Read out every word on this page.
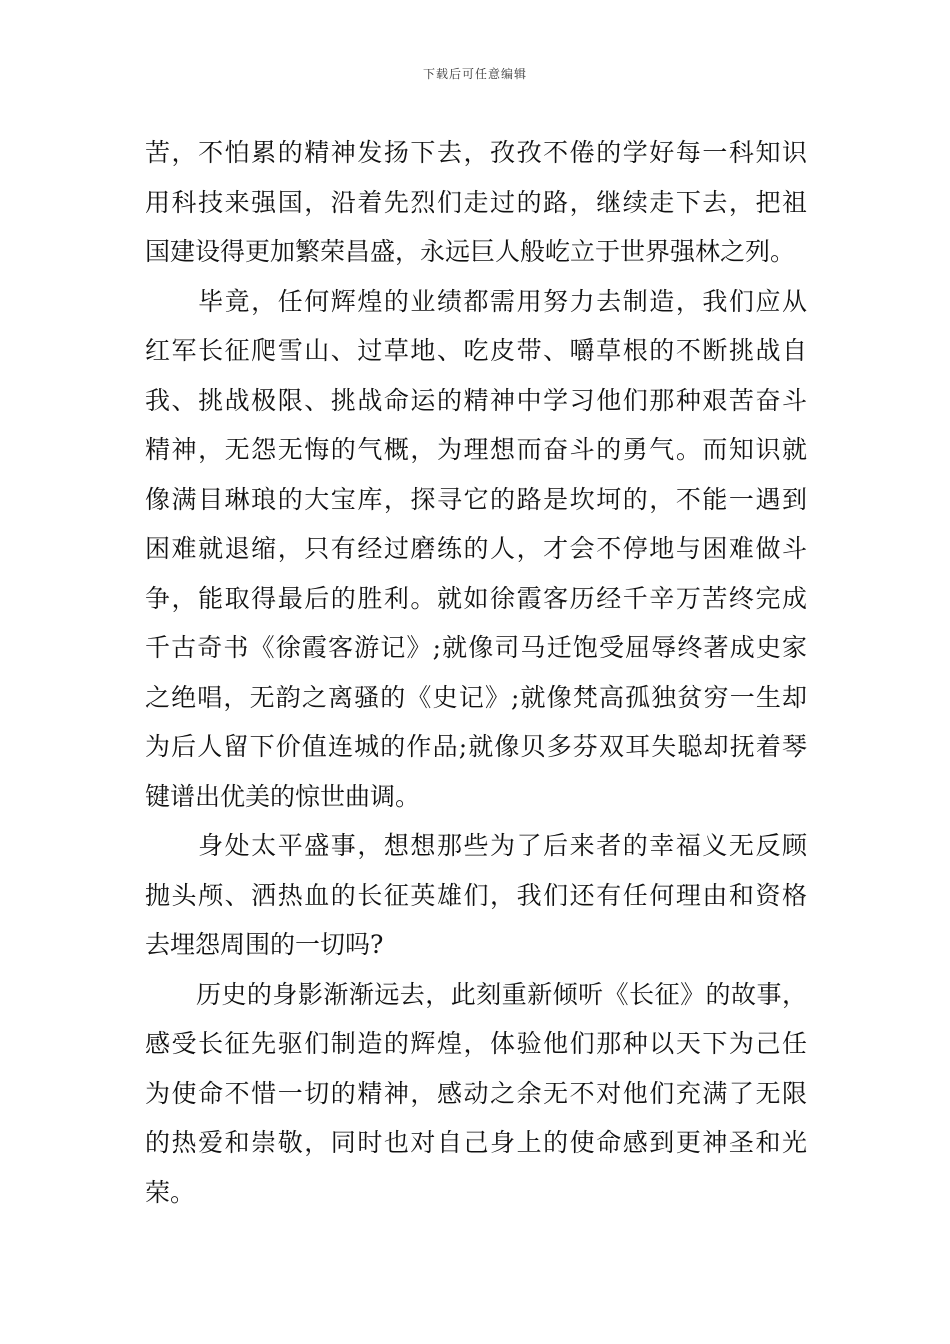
下载后可任意编辑
苦，不怕累的精神发扬下去，孜孜不倦的学好每一科知识
用科技来强国，沿着先烈们走过的路，继续走下去，把祖
国建设得更加繁荣昌盛，永远巨人般屹立于世界强林之列。
　　毕竟，任何辉煌的业绩都需用努力去制造，我们应从
红军长征爬雪山、过草地、吃皮带、嚼草根的不断挑战自
我、挑战极限、挑战命运的精神中学习他们那种艰苦奋斗
精神，无怨无悔的气概，为理想而奋斗的勇气。而知识就
像满目琳琅的大宝库，探寻它的路是坎坷的，不能一遇到
困难就退缩，只有经过磨练的人，才会不停地与困难做斗
争，能取得最后的胜利。就如徐霞客历经千辛万苦终完成
千古奇书《徐霞客游记》;就像司马迁饱受屈辱终著成史家
之绝唱，无韵之离骚的《史记》;就像梵高孤独贫穷一生却
为后人留下价值连城的作品;就像贝多芬双耳失聪却抚着琴
键谱出优美的惊世曲调。
　　身处太平盛事，想想那些为了后来者的幸福义无反顾
抛头颅、洒热血的长征英雄们，我们还有任何理由和资格
去埋怨周围的一切吗?
　　历史的身影渐渐远去，此刻重新倾听《长征》的故事，
感受长征先驱们制造的辉煌，体验他们那种以天下为己任
为使命不惜一切的精神，感动之余无不对他们充满了无限
的热爱和崇敬，同时也对自己身上的使命感到更神圣和光
荣。
